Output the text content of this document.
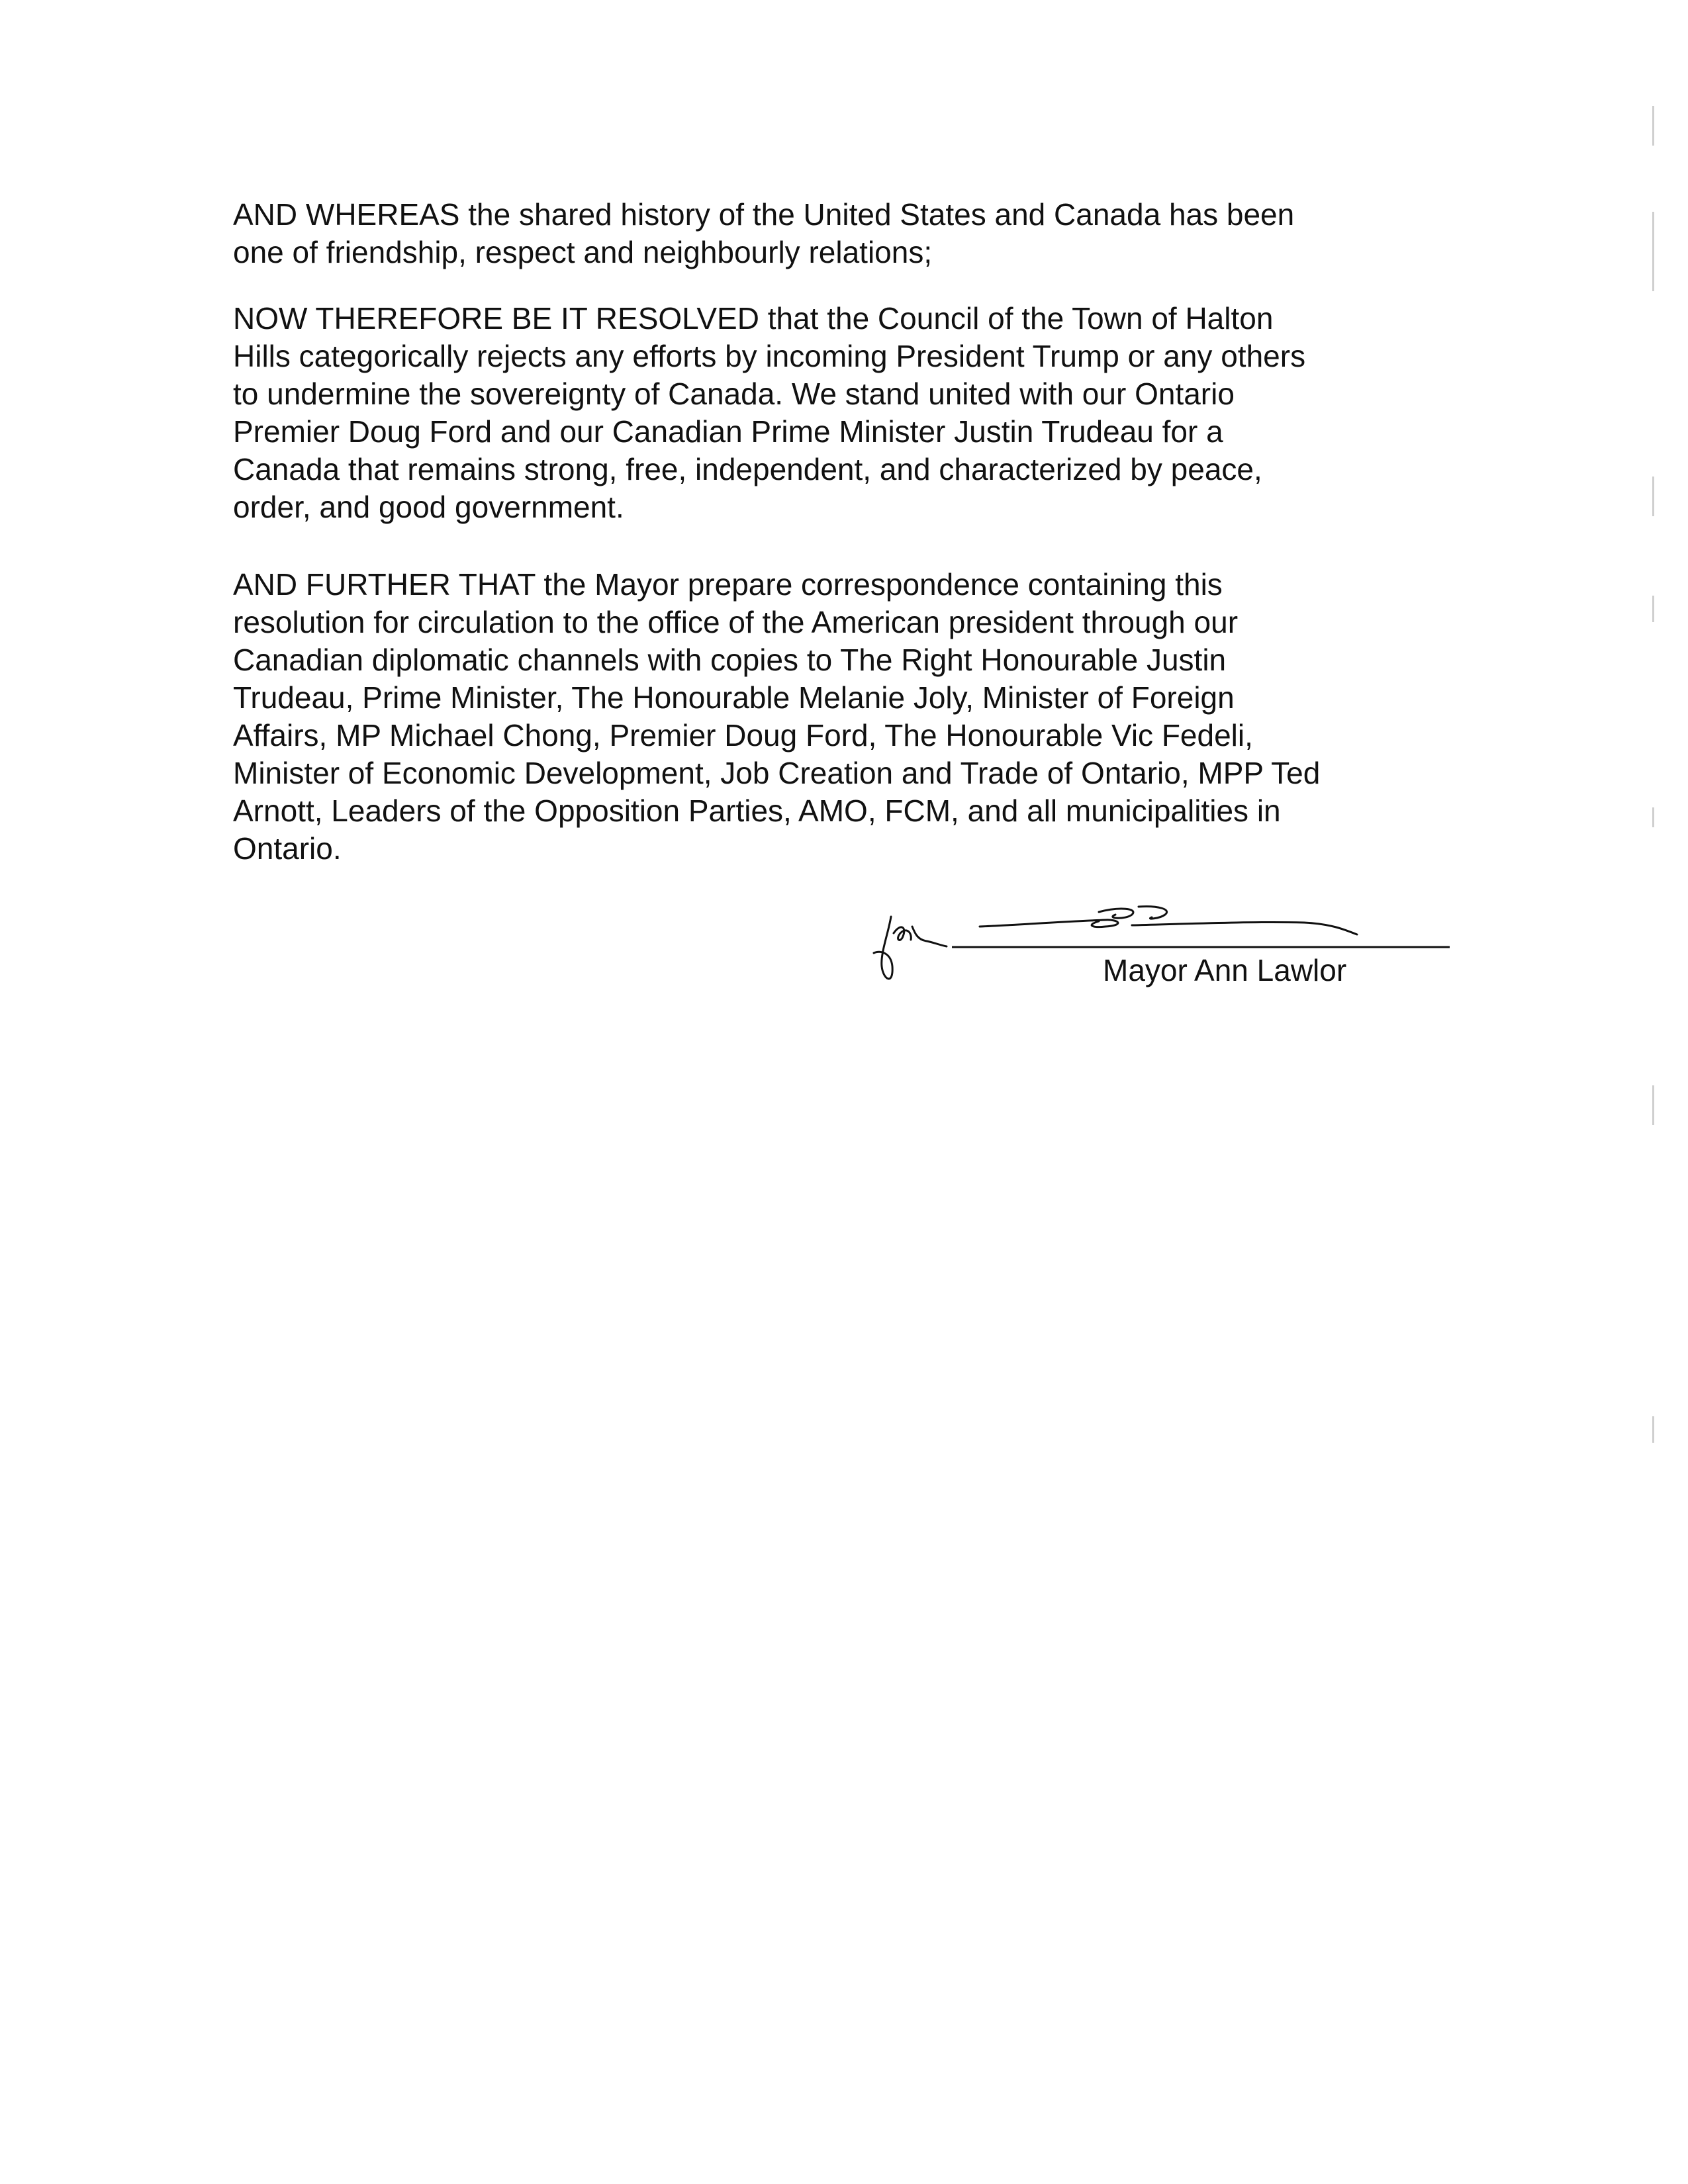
AND WHEREAS the shared history of the United States and Canada has been
one of friendship, respect and neighbourly relations;
NOW THEREFORE BE IT RESOLVED that the Council of the Town of Halton
Hills categorically rejects any efforts by incoming President Trump or any others
to undermine the sovereignty of Canada. We stand united with our Ontario
Premier Doug Ford and our Canadian Prime Minister Justin Trudeau for a
Canada that remains strong, free, independent, and characterized by peace,
order, and good government.
AND FURTHER THAT the Mayor prepare correspondence containing this
resolution for circulation to the office of the American president through our
Canadian diplomatic channels with copies to The Right Honourable Justin
Trudeau, Prime Minister, The Honourable Melanie Joly, Minister of Foreign
Affairs, MP Michael Chong, Premier Doug Ford, The Honourable Vic Fedeli,
Minister of Economic Development, Job Creation and Trade of Ontario, MPP Ted
Arnott, Leaders of the Opposition Parties, AMO, FCM, and all municipalities in
Ontario.
Mayor Ann Lawlor
